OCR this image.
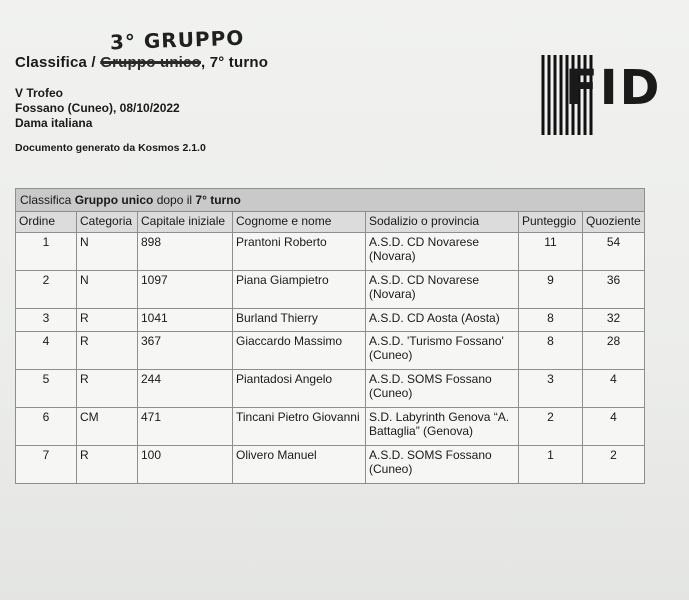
3° GRUPPO
Classifica / Gruppo unico, 7° turno
V Trofeo
Fossano (Cuneo), 08/10/2022
Dama italiana
Documento generato da Kosmos 2.1.0
FID
Classifica Gruppo unico dopo il 7° turno						
Ordine	Categoria	Capitale iniziale	Cognome e nome	Sodalizio o provincia	Punteggio	Quoziente
1	N	898	Prantoni Roberto	A.S.D. CD Novarese (Novara)	11	54
2	N	1097	Piana Giampietro	A.S.D. CD Novarese (Novara)	9	36
3	R	1041	Burland Thierry	A.S.D. CD Aosta (Aosta)	8	32
4	R	367	Giaccardo Massimo	A.S.D. 'Turismo Fossano' (Cuneo)	8	28
5	R	244	Piantadosi Angelo	A.S.D. SOMS Fossano (Cuneo)	3	4
6	CM	471	Tincani Pietro Giovanni	S.D. Labyrinth Genova “A. Battaglia” (Genova)	2	4
7	R	100	Olivero Manuel	A.S.D. SOMS Fossano (Cuneo)	1	2
